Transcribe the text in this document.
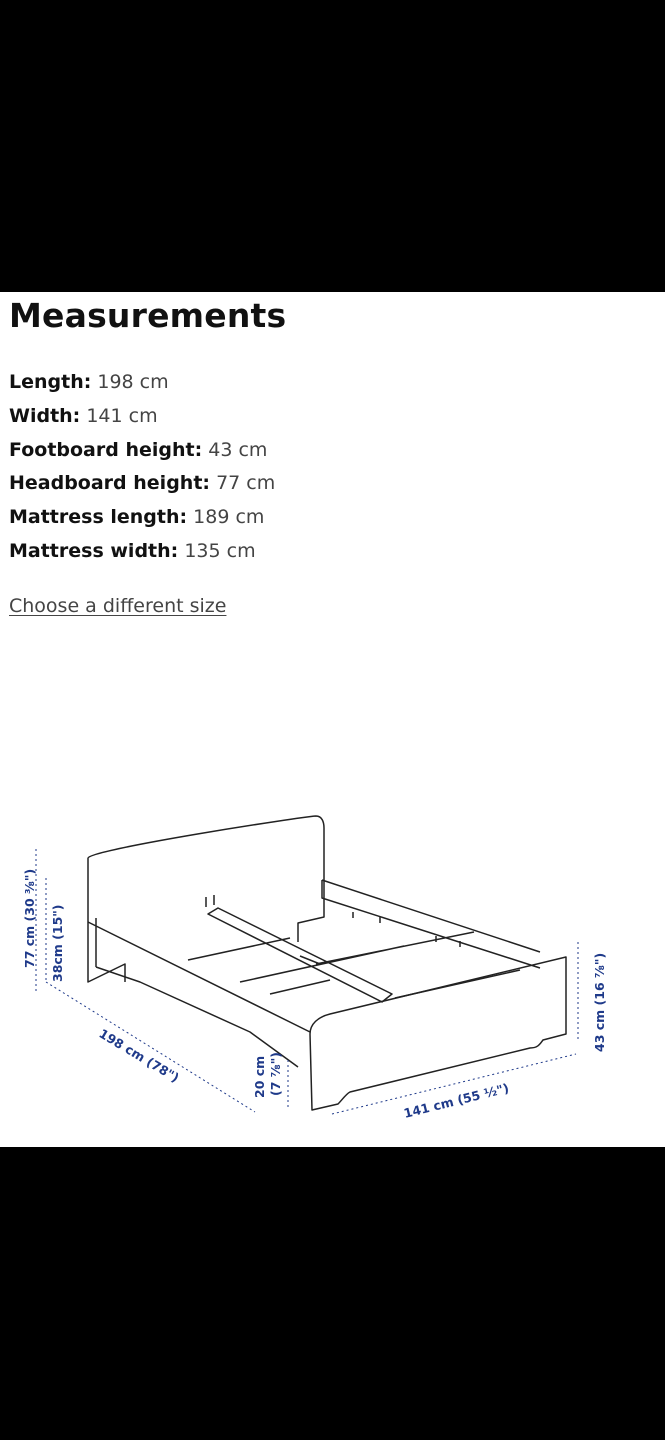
Measurements
Length: 198 cm
Width: 141 cm
Footboard height: 43 cm
Headboard height: 77 cm
Mattress length: 189 cm
Mattress width: 135 cm
Choose a different size
77 cm (30 ⅜") 38cm (15")
198 cm (78")	20 cm (7 ⅞")
141 cm (55 ½")
43 cm (16 ⅞")
